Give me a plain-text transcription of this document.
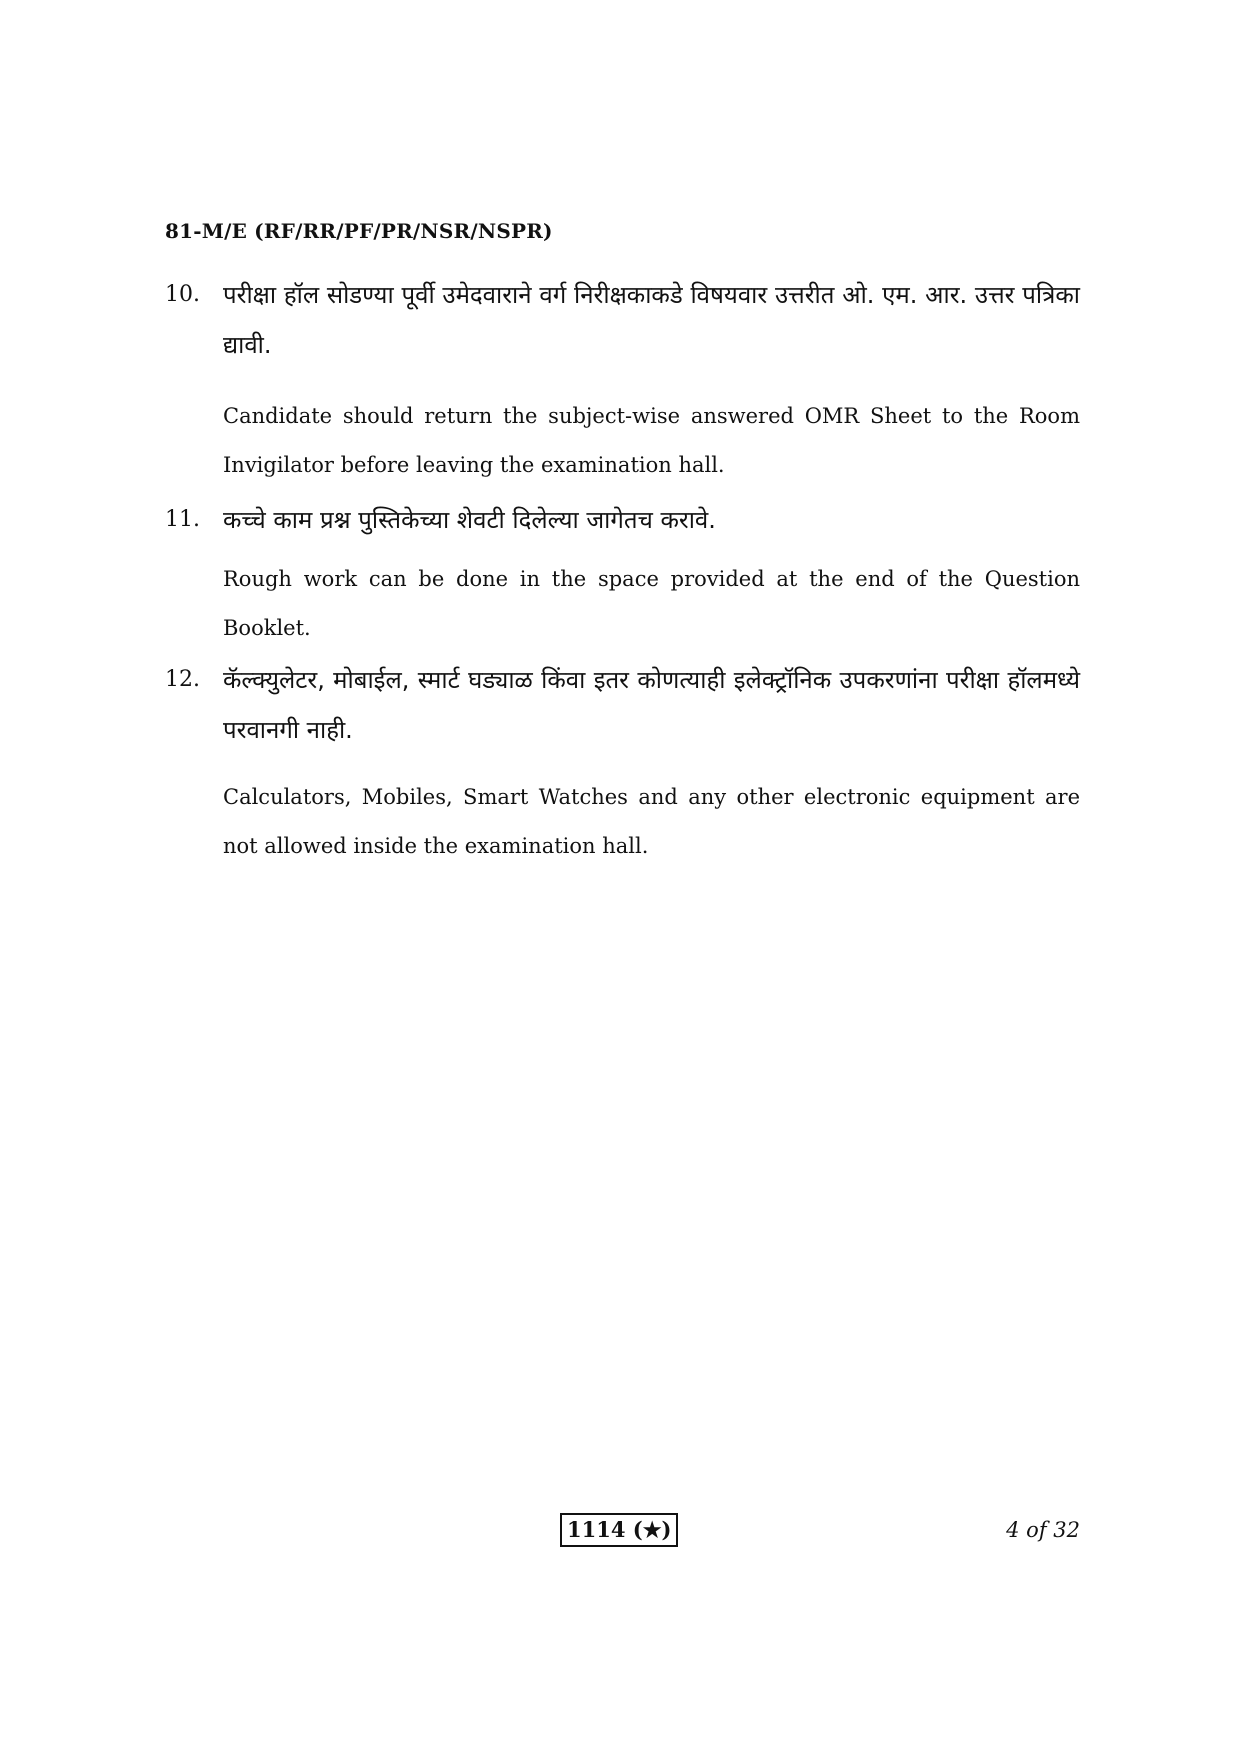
81-M/E (RF/RR/PF/PR/NSR/NSPR)
10. परीक्षा हॉल सोडण्या पूर्वी उमेदवाराने वर्ग निरीक्षकाकडे विषयवार उत्तरीत ओ. एम. आर. उत्तर पत्रिका द्यावी.

Candidate should return the subject-wise answered OMR Sheet to the Room Invigilator before leaving the examination hall.

11. कच्चे काम प्रश्न पुस्तिकेच्या शेवटी दिलेल्या जागेतच करावे.

Rough work can be done in the space provided at the end of the Question Booklet.

12. कॅल्क्युलेटर, मोबाईल, स्मार्ट घड्याळ किंवा इतर कोणत्याही इलेक्ट्रॉनिक उपकरणांना परीक्षा हॉलमध्ये परवानगी नाही.

Calculators, Mobiles, Smart Watches and any other electronic equipment are not allowed inside the examination hall.

1114 (★)	4 of 32
